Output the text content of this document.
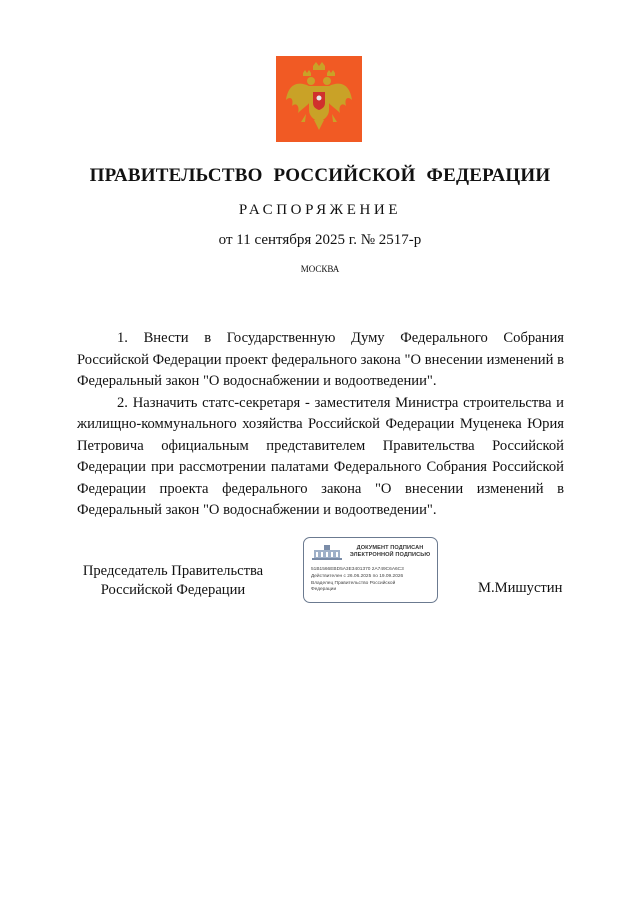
ПРАВИТЕЛЬСТВО РОССИЙСКОЙ ФЕДЕРАЦИИ
РАСПОРЯЖЕНИЕ
от 11 сентября 2025 г. № 2517-р
МОСКВА

1. Внести в Государственную Думу Федерального Собрания Российской Федерации проект федерального закона "О внесении изменений в Федеральный закон "О водоснабжении и водоотведении".

2. Назначить статс-секретаря - заместителя Министра строительства и жилищно-коммунального хозяйства Российской Федерации Муценека Юрия Петровича официальным представителем Правительства Российской Федерации при рассмотрении палатами Федерального Собрания Российской Федерации проекта федерального закона "О внесении изменений в Федеральный закон "О водоснабжении и водоотведении".

Председатель Правительства
Российской Федерации
ДОКУМЕНТ ПОДПИСАН
ЭЛЕКТРОННОЙ ПОДПИСЬЮ
51B1566EBD5A3E3401370 2A749C6A6C3
Действителен с 26.06.2025 по 19.09.2026
Владелец Правительство Российской
Федерации	М.Мишустин
